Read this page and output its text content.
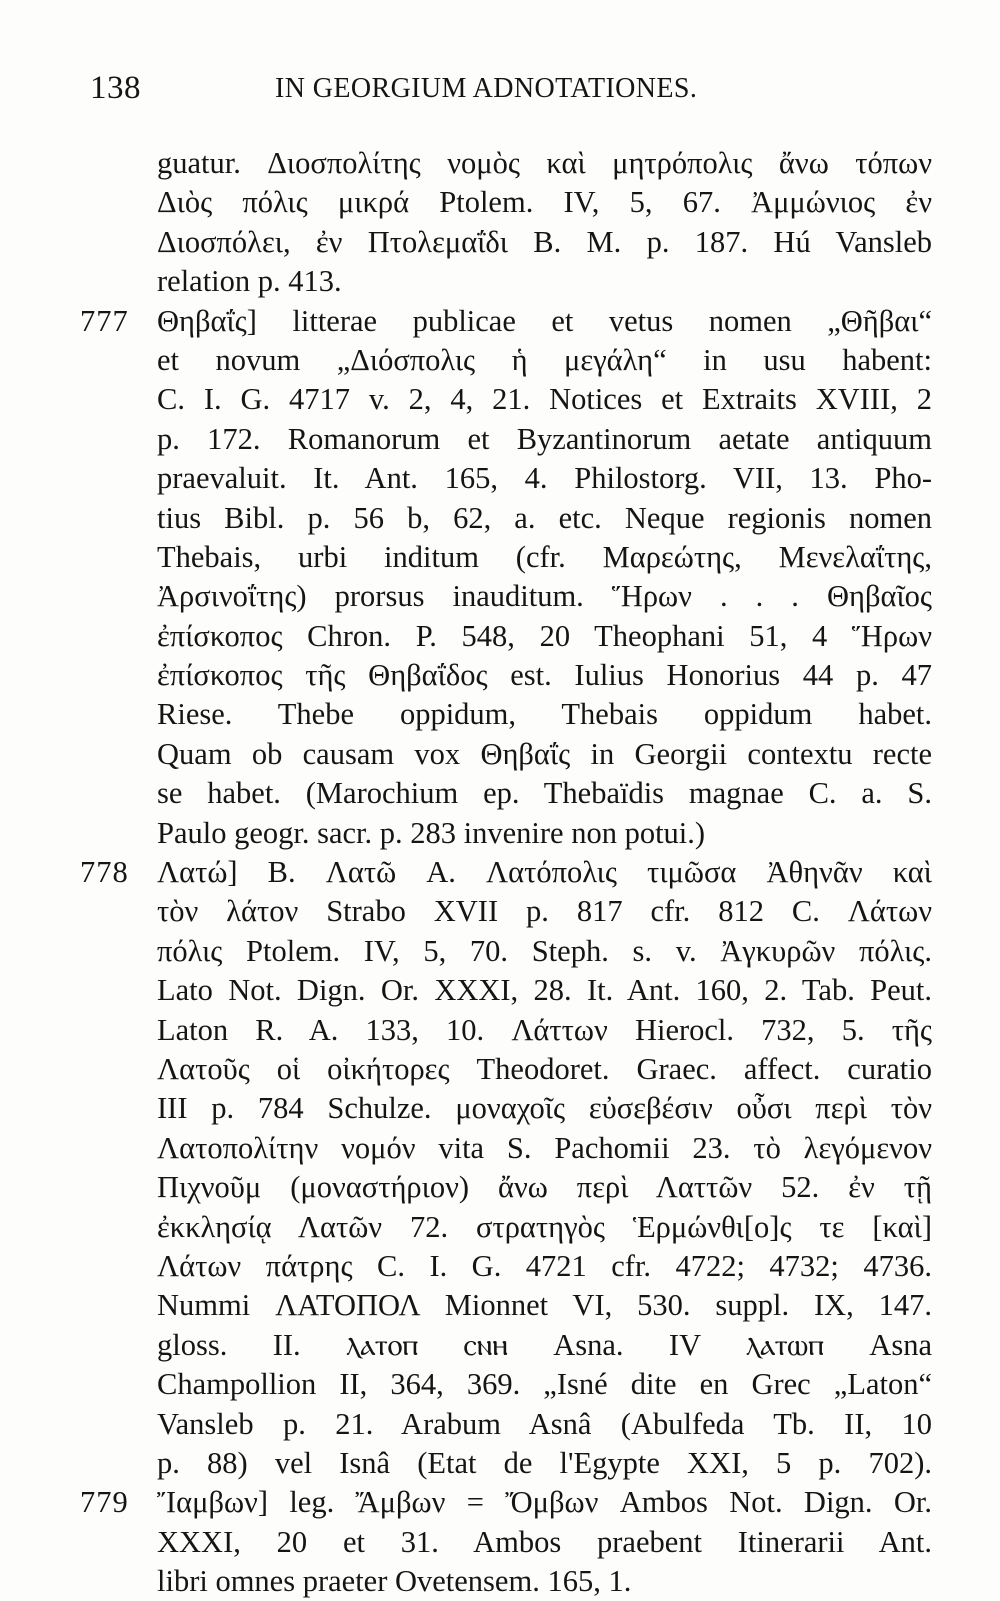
138	IN GEORGIUM ADNOTATIONES.
guatur. Διοσπολίτης νομὸς καὶ μητρόπολις ἄνω τόπων
Διὸς πόλις μικρά Ptolem. IV, 5, 67. Ἀμμώνιος ἐν
Διοσπόλει, ἐν Πτολεμαΐδι B. M. p. 187. Hú Vansleb
relation p. 413.
777 Θηβαΐς] litterae publicae et vetus nomen „Θῆβαι“
et novum „Διόσπολις ἡ μεγάλη“ in usu habent:
C. I. G. 4717 v. 2, 4, 21. Notices et Extraits XVIII, 2
p. 172. Romanorum et Byzantinorum aetate antiquum
praevaluit. It. Ant. 165, 4. Philostorg. VII, 13. Pho-
tius Bibl. p. 56 b, 62, a. etc. Neque regionis nomen
Thebais, urbi inditum (cfr. Μαρεώτης, Μενελαΐτης,
Ἀρσινοΐτης) prorsus inauditum. Ἥρων . . . Θηβαῖος
ἐπίσκοπος Chron. P. 548, 20 Theophani 51, 4 Ἥρων
ἐπίσκοπος τῆς Θηβαΐδος est. Iulius Honorius 44 p. 47
Riese. Thebe oppidum, Thebais oppidum habet.
Quam ob causam vox Θηβαΐς in Georgii contextu recte
se habet. (Marochium ep. Thebaïdis magnae C. a. S.
Paulo geogr. sacr. p. 283 invenire non potui.)
778 Λατώ] B. Λατῶ A. Λατόπολις τιμῶσα Ἀθηνᾶν καὶ
τὸν λάτον Strabo XVII p. 817 cfr. 812 C. Λάτων
πόλις Ptolem. IV, 5, 70. Steph. s. v. Ἀγκυρῶν πόλις.
Lato Not. Dign. Or. XXXI, 28. It. Ant. 160, 2. Tab. Peut.
Laton R. A. 133, 10. Λάττων Hierocl. 732, 5. τῆς
Λατοῦς οἱ οἰκήτορες Theodoret. Graec. affect. curatio
III p. 784 Schulze. μοναχοῖς εὐσεβέσιν οὖσι περὶ τὸν
Λατοπολίτην νομόν vita S. Pachomii 23. τὸ λεγόμενον
Πιχνοῦμ (μοναστήριον) ἄνω περὶ Λαττῶν 52. ἐν τῇ
ἐκκλησίᾳ Λατῶν 72. στρατηγὸς Ἑρμώνθι[ο]ς τε [καὶ]
Λάτων πάτρης C. I. G. 4721 cfr. 4722; 4732; 4736.
Nummi ΛΑΤΟΠΟΛ Mionnet VI, 530. suppl. IX, 147.
gloss. II. ⲗⲁⲧⲟⲡ ⲥⲛⲏ Asna. IV ⲗⲁⲧⲱⲡ Asna
Champollion II, 364, 369. „Isné dite en Grec „Laton“
Vansleb p. 21. Arabum Asnâ (Abulfeda Tb. II, 10
p. 88) vel Isnâ (Etat de l'Egypte XXI, 5 p. 702).
779 Ἴαμβων] leg. Ἄμβων = Ὄμβων Ambos Not. Dign. Or.
XXXI, 20 et 31. Ambos praebent Itinerarii Ant.
libri omnes praeter Ovetensem. 165, 1.
